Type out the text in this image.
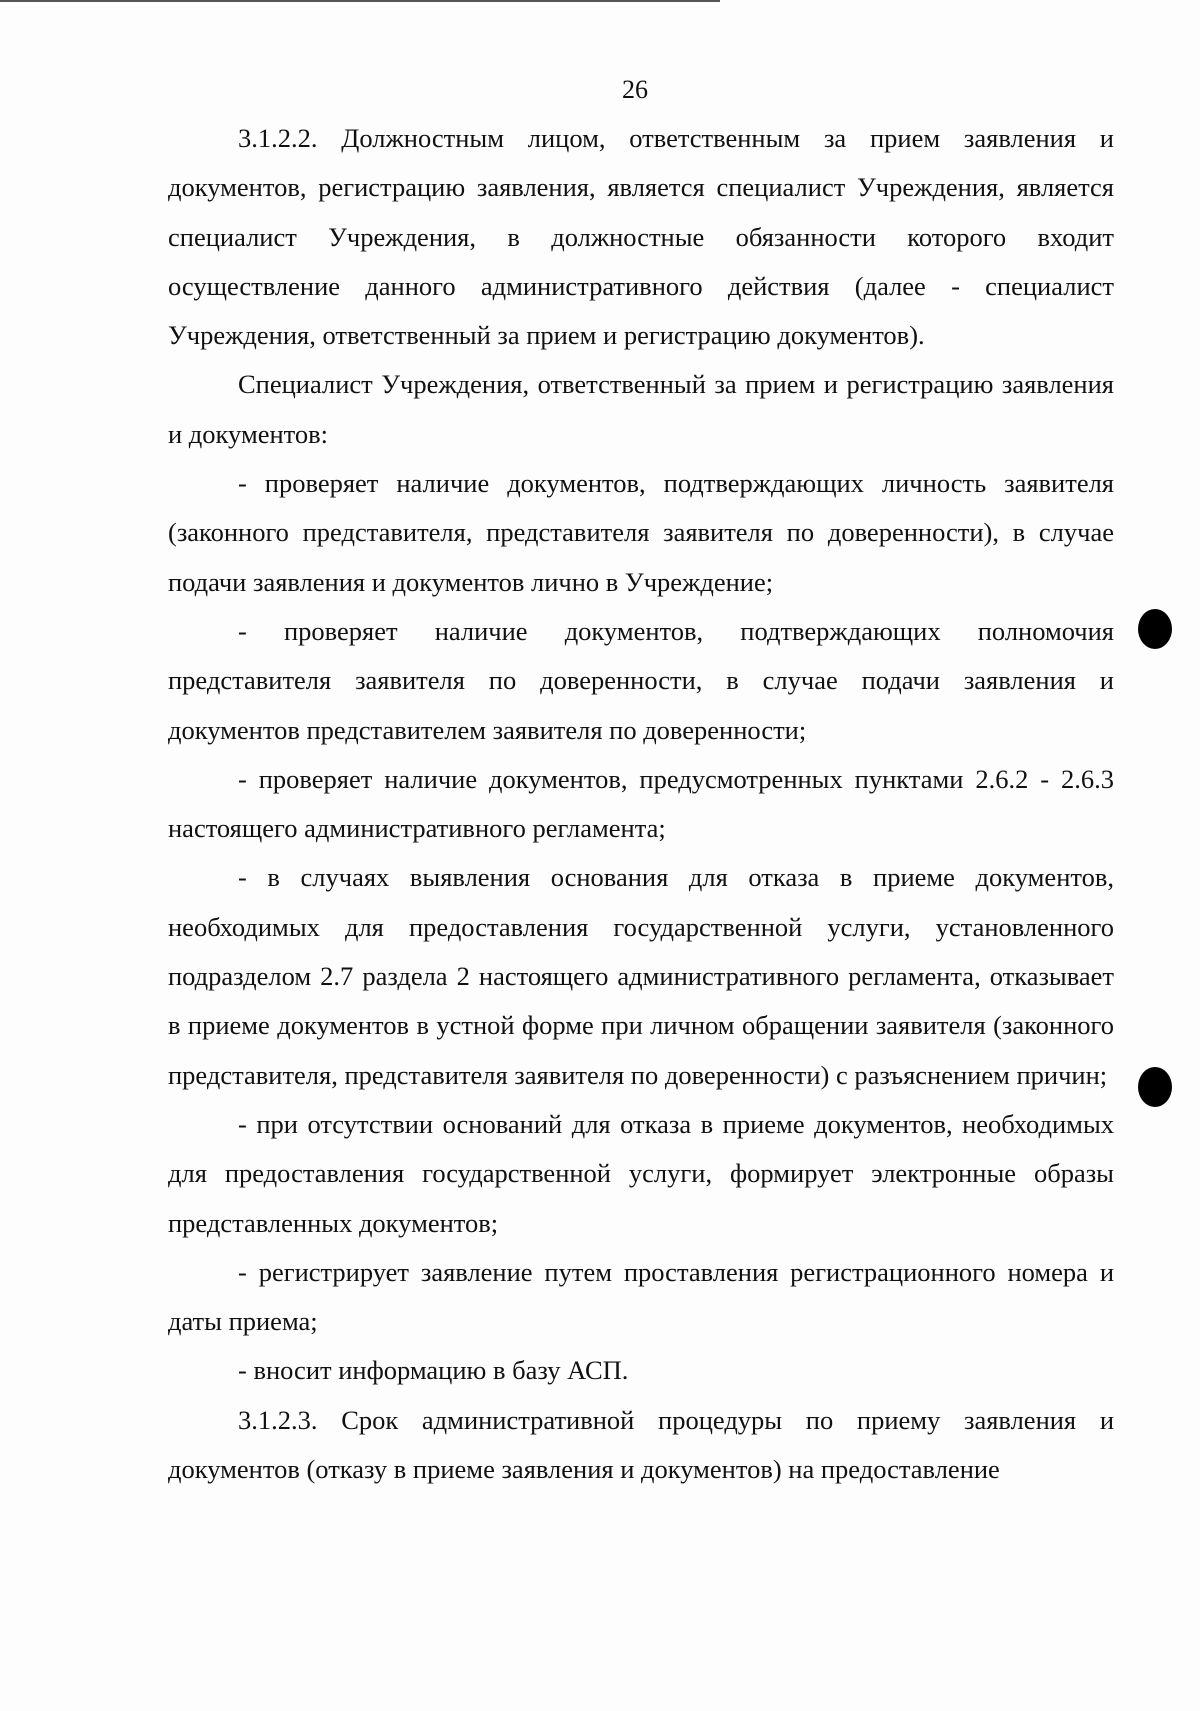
26

3.1.2.2. Должностным лицом, ответственным за прием заявления и документов, регистрацию заявления, является специалист Учреждения, является специалист Учреждения, в должностные обязанности которого входит осуществление данного административного действия (далее - специалист Учреждения, ответственный за прием и регистрацию документов).

Специалист Учреждения, ответственный за прием и регистрацию заявления и документов:

- проверяет наличие документов, подтверждающих личность заявителя (законного представителя, представителя заявителя по доверенности), в случае подачи заявления и документов лично в Учреждение;

- проверяет наличие документов, подтверждающих полномочия представителя заявителя по доверенности, в случае подачи заявления и документов представителем заявителя по доверенности;

- проверяет наличие документов, предусмотренных пунктами 2.6.2 - 2.6.3 настоящего административного регламента;

- в случаях выявления основания для отказа в приеме документов, необходимых для предоставления государственной услуги, установленного подразделом 2.7 раздела 2 настоящего административного регламента, отказывает в приеме документов в устной форме при личном обращении заявителя (законного представителя, представителя заявителя по доверенности) с разъяснением причин;

- при отсутствии оснований для отказа в приеме документов, необходимых для предоставления государственной услуги, формирует электронные образы представленных документов;

- регистрирует заявление путем проставления регистрационного номера и даты приема;

- вносит информацию в базу АСП.

3.1.2.3. Срок административной процедуры по приему заявления и документов (отказу в приеме заявления и документов) на предоставление
